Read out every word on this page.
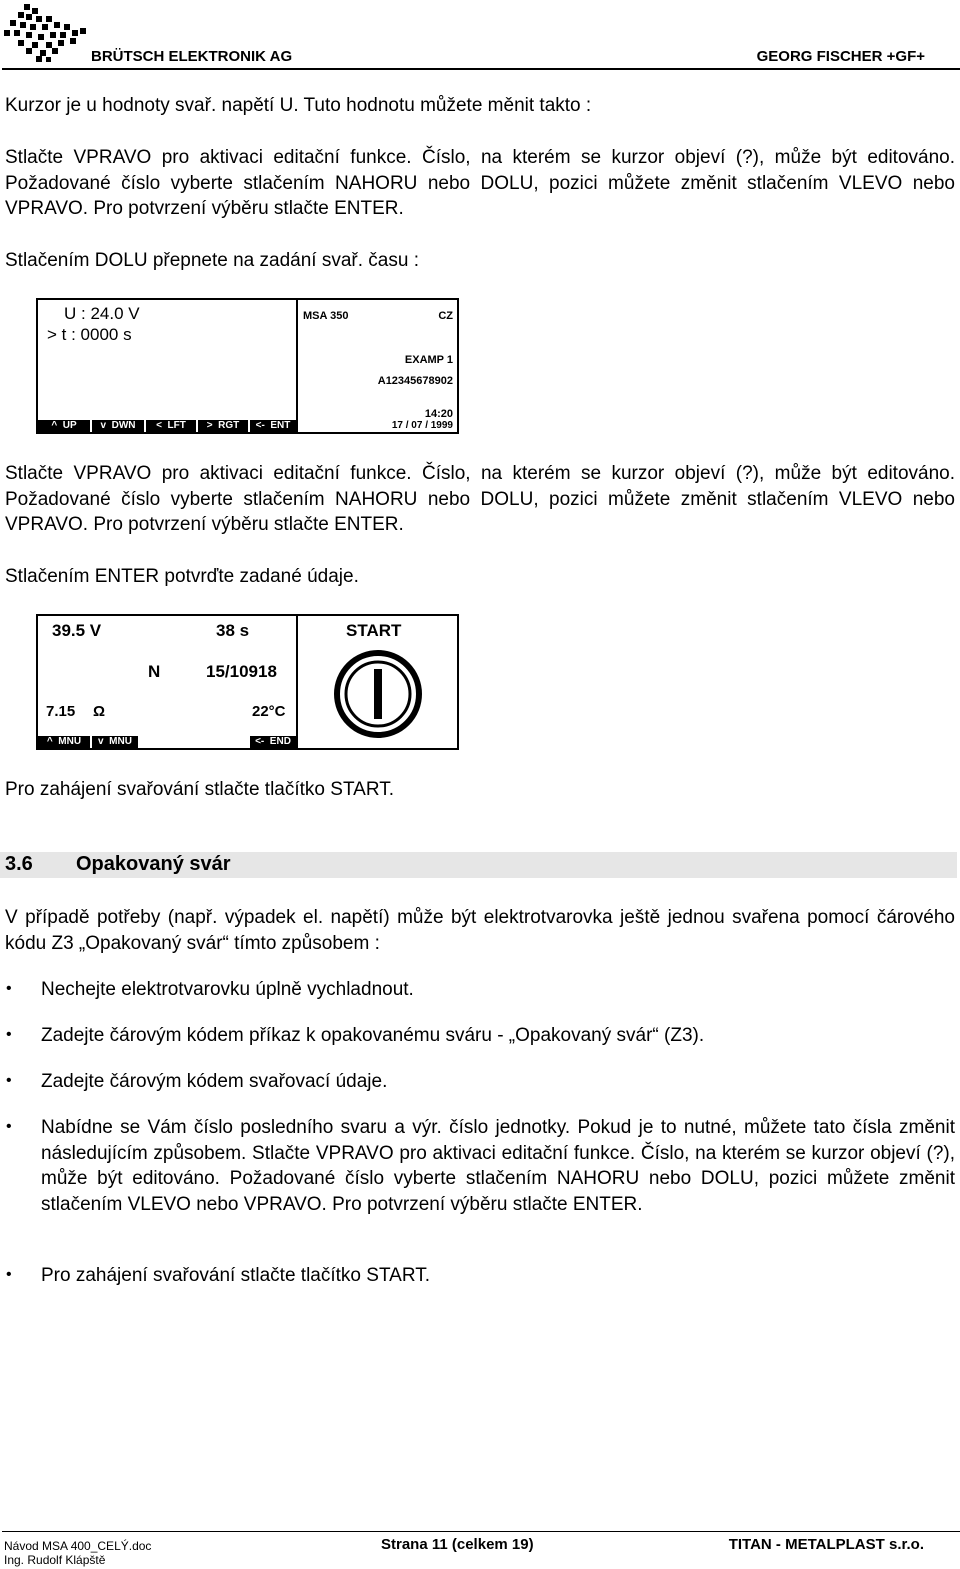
BRÜTSCH ELEKTRONIK AG	GEORG FISCHER +GF+
Kurzor je u hodnoty svař. napětí U. Tuto hodnotu můžete měnit takto :
Stlačte VPRAVO pro aktivaci editační funkce. Číslo, na kterém se kurzor objeví (?), může být editováno. Požadované číslo vyberte stlačením NAHORU nebo DOLU, pozici můžete změnit stlačením VLEVO nebo VPRAVO. Pro potvrzení výběru stlačte ENTER.
Stlačením DOLU přepnete na zadání svař. času :
U : 24.0 V
> t : 0000 s
MSA 350	CZ
EXAMP 1
A12345678902
14:20
17 / 07 / 1999
^  UP	v  DWN	<  LFT	>  RGT	<-  ENT
Stlačte VPRAVO pro aktivaci editační funkce. Číslo, na kterém se kurzor objeví (?), může být editováno. Požadované číslo vyberte stlačením NAHORU nebo DOLU, pozici můžete změnit stlačením VLEVO nebo VPRAVO. Pro potvrzení výběru stlačte ENTER.
Stlačením ENTER potvrďte zadané údaje.
39.5 V	38 s	START
N	15/10918
7.15 Ω	22°C
^  MNU	v  MNU	<-  END
Pro zahájení svařování stlačte tlačítko START.
3.6 Opakovaný svár
V případě potřeby (např. výpadek el. napětí) může být elektrotvarovka ještě jednou svařena pomocí čárového kódu Z3 „Opakovaný svár“ tímto způsobem :
• Nechejte elektrotvarovku úplně vychladnout.
• Zadejte čárovým kódem příkaz k opakovanému sváru - „Opakovaný svár“ (Z3).
• Zadejte čárovým kódem svařovací údaje.
• Nabídne se Vám číslo posledního svaru a výr. číslo jednotky. Pokud je to nutné, můžete tato čísla změnit následujícím způsobem. Stlačte VPRAVO pro aktivaci editační funkce. Číslo, na kterém se kurzor objeví (?), může být editováno. Požadované číslo vyberte stlačením NAHORU nebo DOLU, pozici můžete změnit stlačením VLEVO nebo VPRAVO. Pro potvrzení výběru stlačte ENTER.
• Pro zahájení svařování stlačte tlačítko START.
Návod MSA 400_CELÝ.doc
Ing. Rudolf Klápště
Strana 11 (celkem 19)	TITAN - METALPLAST s.r.o.
